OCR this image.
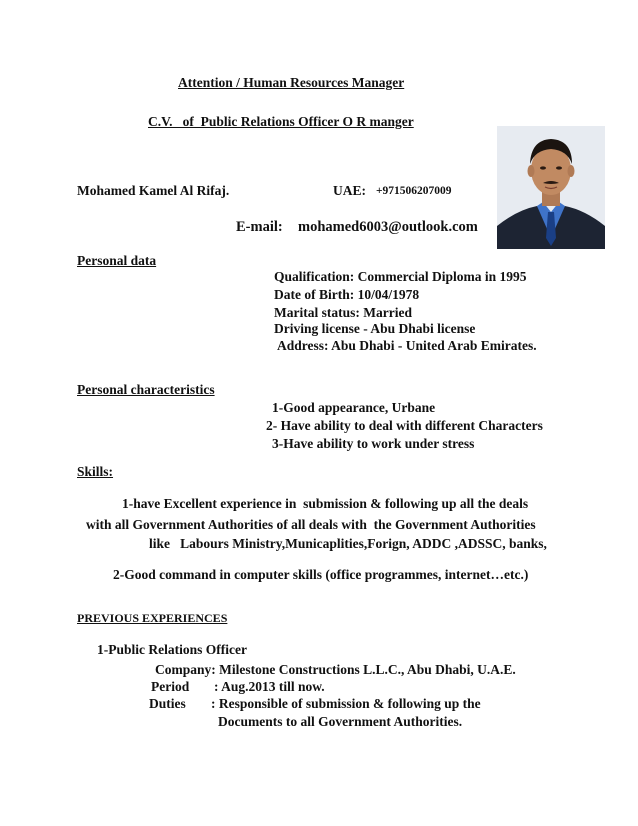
Attention / Human Resources Manager
C.V.   of  Public Relations Officer O R manger
Mohamed Kamel Al Rifaj.	UAE: +971506207009
E-mail: mohamed6003@outlook.com
Personal data
Qualification: Commercial Diploma in 1995
Date of Birth: 10/04/1978
Marital status: Married
Driving license - Abu Dhabi license
Address: Abu Dhabi - United Arab Emirates.
Personal characteristics
1-Good appearance, Urbane
2- Have ability to deal with different Characters
3-Have ability to work under stress
Skills:
1-have Excellent experience in  submission & following up all the deals
with all Government Authorities of all deals with  the Government Authorities
like   Labours Ministry,Municaplities,Forign, ADDC ,ADSSC, banks,
2-Good command in computer skills (office programmes, internet…etc.)
PREVIOUS EXPERIENCES
1-Public Relations Officer
Company: Milestone Constructions L.L.C., Abu Dhabi, U.A.E.
Period : Aug.2013 till now.
Duties : Responsible of submission & following up the
Documents to all Government Authorities.
